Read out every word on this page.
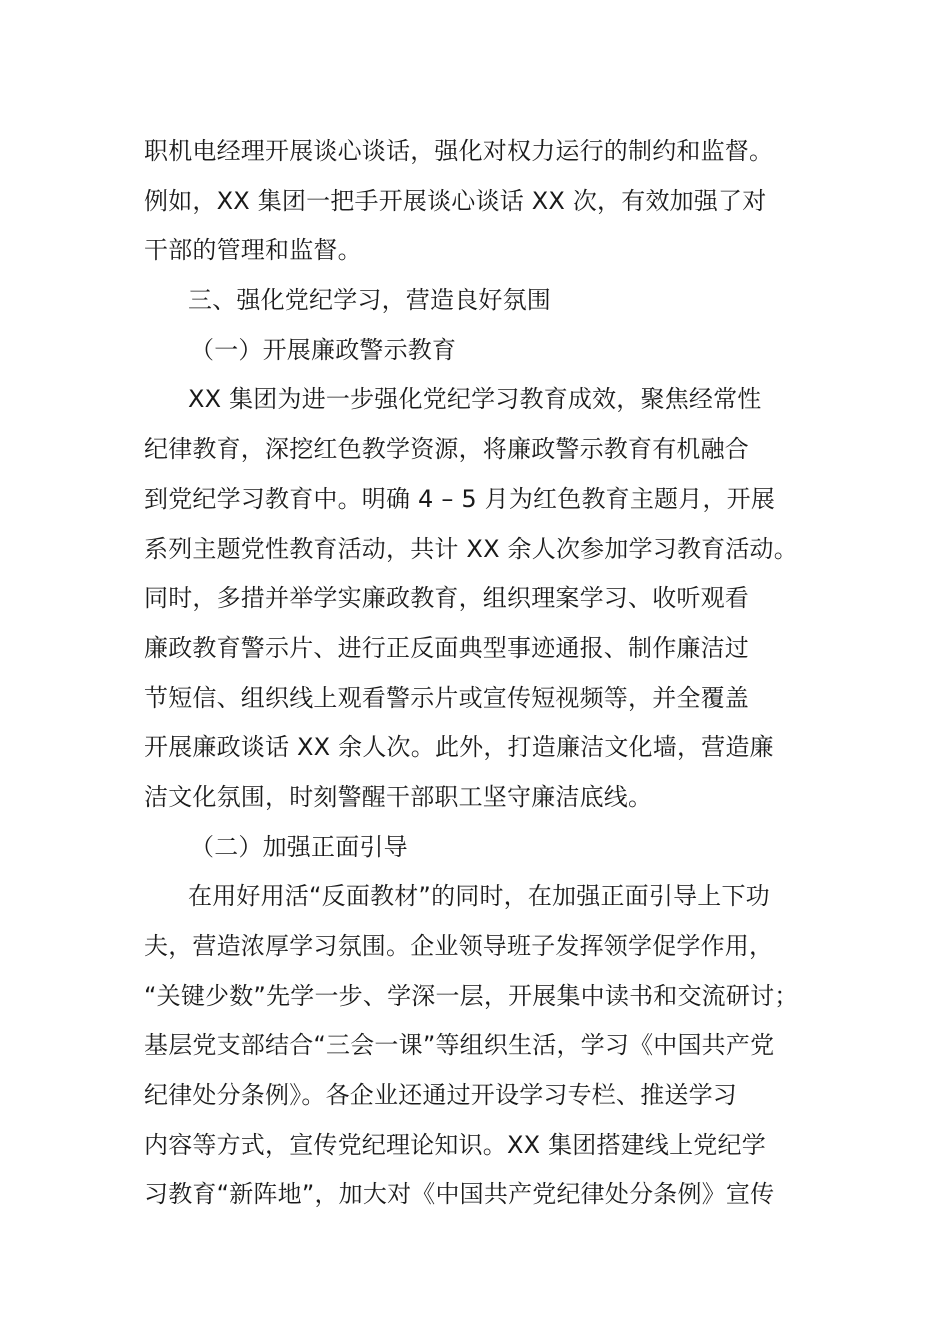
职机电经理开展谈心谈话，强化对权力运行的制约和监督。
例如，XX 集团一把手开展谈心谈话 XX 次，有效加强了对
干部的管理和监督。
三、强化党纪学习，营造良好氛围
（一）开展廉政警示教育
XX 集团为进一步强化党纪学习教育成效，聚焦经常性
纪律教育，深挖红色教学资源，将廉政警示教育有机融合
到党纪学习教育中。明确 4 – 5 月为红色教育主题月，开展
系列主题党性教育活动，共计 XX 余人次参加学习教育活动。
同时，多措并举学实廉政教育，组织理案学习、收听观看
廉政教育警示片、进行正反面典型事迹通报、制作廉洁过
节短信、组织线上观看警示片或宣传短视频等，并全覆盖
开展廉政谈话 XX 余人次。此外，打造廉洁文化墙，营造廉
洁文化氛围，时刻警醒干部职工坚守廉洁底线。
（二）加强正面引导
在用好用活“反面教材”的同时，在加强正面引导上下功
夫，营造浓厚学习氛围。企业领导班子发挥领学促学作用，
“关键少数”先学一步、学深一层，开展集中读书和交流研讨；
基层党支部结合“三会一课”等组织生活，学习《中国共产党
纪律处分条例》。各企业还通过开设学习专栏、推送学习
内容等方式，宣传党纪理论知识。XX 集团搭建线上党纪学
习教育“新阵地”，加大对《中国共产党纪律处分条例》宣传
